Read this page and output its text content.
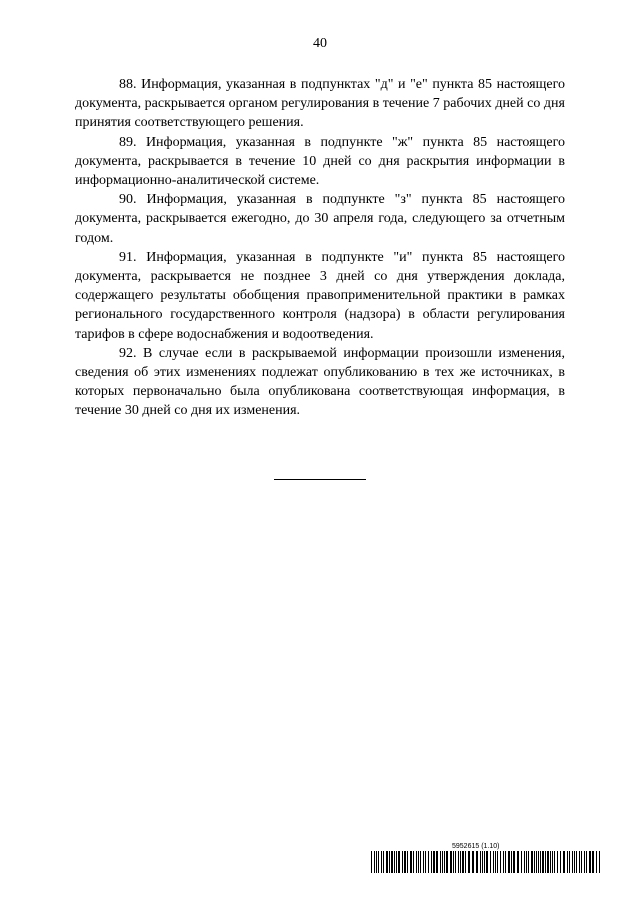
40

88. Информация, указанная в подпунктах "д" и "е" пункта 85 настоящего документа, раскрывается органом регулирования в течение 7 рабочих дней со дня принятия соответствующего решения.

89. Информация, указанная в подпункте "ж" пункта 85 настоящего документа, раскрывается в течение 10 дней со дня раскрытия информации в информационно-аналитической системе.

90. Информация, указанная в подпункте "з" пункта 85 настоящего документа, раскрывается ежегодно, до 30 апреля года, следующего за отчетным годом.

91. Информация, указанная в подпункте "и" пункта 85 настоящего документа, раскрывается не позднее 3 дней со дня утверждения доклада, содержащего результаты обобщения правоприменительной практики в рамках регионального государственного контроля (надзора) в области регулирования тарифов в сфере водоснабжения и водоотведения.

92. В случае если в раскрываемой информации произошли изменения, сведения об этих изменениях подлежат опубликованию в тех же источниках, в которых первоначально была опубликована соответствующая информация, в течение 30 дней со дня их изменения.

5952615 (1.10)
